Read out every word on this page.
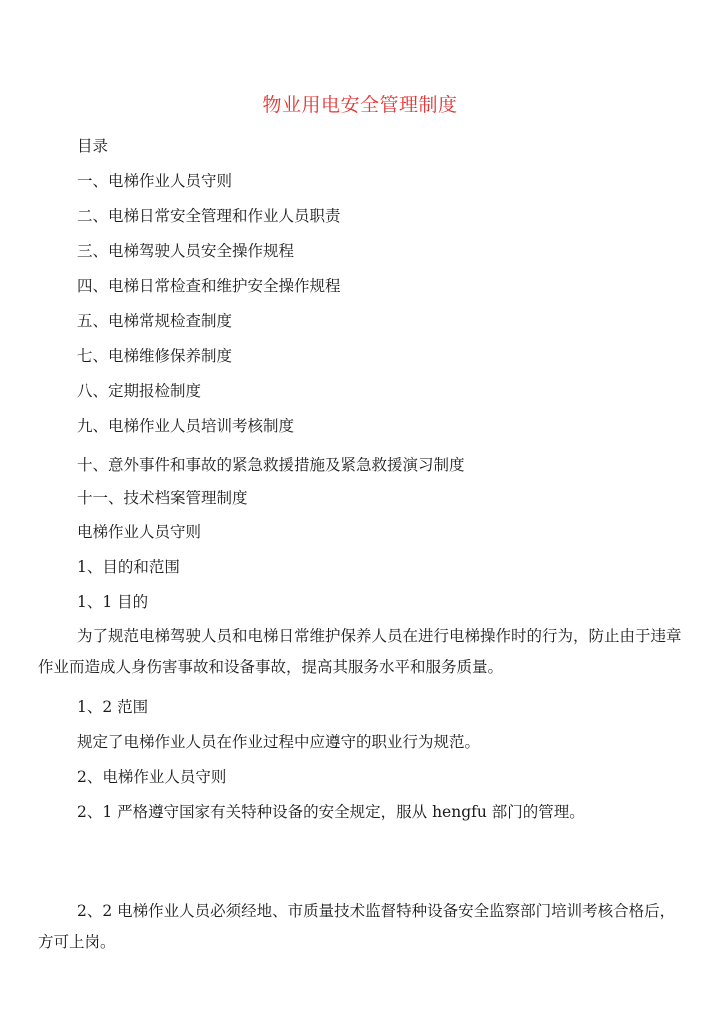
物业用电安全管理制度
目录
一、电梯作业人员守则
二、电梯日常安全管理和作业人员职责
三、电梯驾驶人员安全操作规程
四、电梯日常检查和维护安全操作规程
五、电梯常规检查制度
七、电梯维修保养制度
八、定期报检制度
九、电梯作业人员培训考核制度
十、意外事件和事故的紧急救援措施及紧急救援演习制度
十一、技术档案管理制度
电梯作业人员守则
1、目的和范围
1、1 目的
为了规范电梯驾驶人员和电梯日常维护保养人员在进行电梯操作时的行为，防止由于违章作业而造成人身伤害事故和设备事故，提高其服务水平和服务质量。
1、2 范围
规定了电梯作业人员在作业过程中应遵守的职业行为规范。
2、电梯作业人员守则
2、1 严格遵守国家有关特种设备的安全规定，服从 hengfu 部门的管理。
2、2 电梯作业人员必须经地、市质量技术监督特种设备安全监察部门培训考核合格后，方可上岗。
